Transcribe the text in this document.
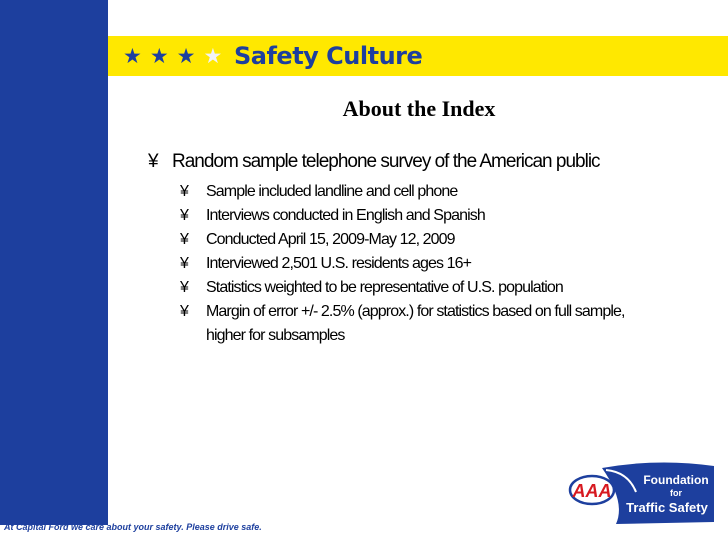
★ ★ ★ ★ Safety Culture
About the Index
¥ Random sample telephone survey of the American public
¥	Sample included landline and cell phone
¥	Interviews conducted in English and Spanish
¥	Conducted April 15, 2009-May 12, 2009
¥	Interviewed 2,501 U.S. residents ages 16+
¥	Statistics weighted to be representative of U.S. population
¥	Margin of error +/- 2.5% (approx.) for statistics based on full sample, higher for subsamples
At Capital Ford we care about your safety. Please drive safe.
AAA
Foundation
for
Traffic Safety
